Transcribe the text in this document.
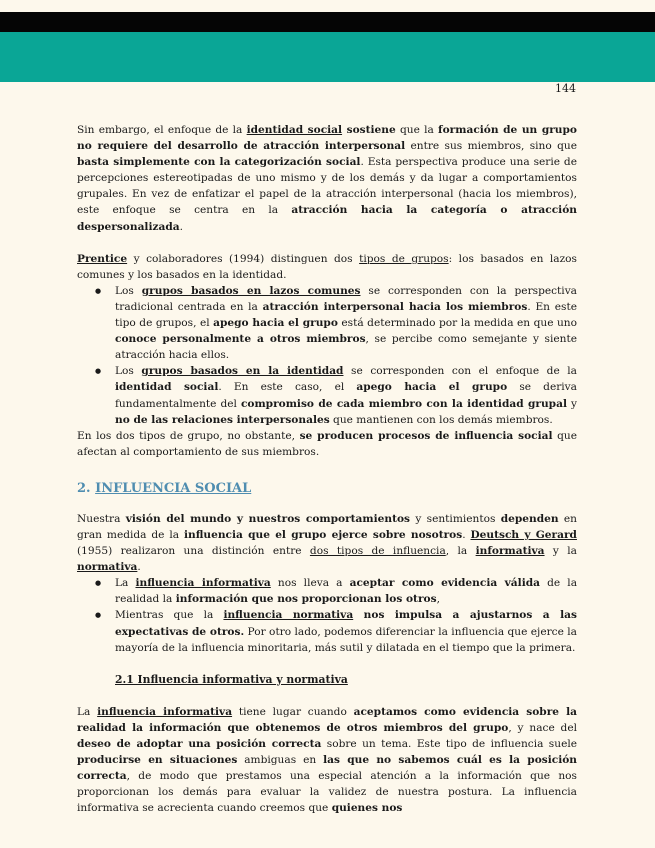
144

Sin embargo, el enfoque de la identidad social sostiene que la formación de un grupo no requiere del desarrollo de atracción interpersonal entre sus miembros, sino que basta simplemente con la categorización social. Esta perspectiva produce una serie de percepciones estereotipadas de uno mismo y de los demás y da lugar a comportamientos grupales. En vez de enfatizar el papel de la atracción interpersonal (hacia los miembros), este enfoque se centra en la atracción hacia la categoría o atracción despersonalizada.

Prentice y colaboradores (1994) distinguen dos tipos de grupos: los basados en lazos comunes y los basados en la identidad.

● Los grupos basados en lazos comunes se corresponden con la perspectiva tradicional centrada en la atracción interpersonal hacia los miembros. En este tipo de grupos, el apego hacia el grupo está determinado por la medida en que uno conoce personalmente a otros miembros, se percibe como semejante y siente atracción hacia ellos.
● Los grupos basados en la identidad se corresponden con el enfoque de la identidad social. En este caso, el apego hacia el grupo se deriva fundamentalmente del compromiso de cada miembro con la identidad grupal y no de las relaciones interpersonales que mantienen con los demás miembros.

En los dos tipos de grupo, no obstante, se producen procesos de influencia social que afectan al comportamiento de sus miembros.

2. INFLUENCIA SOCIAL

Nuestra visión del mundo y nuestros comportamientos y sentimientos dependen en gran medida de la influencia que el grupo ejerce sobre nosotros. Deutsch y Gerard (1955) realizaron una distinción entre dos tipos de influencia, la informativa y la normativa.

● La influencia informativa nos lleva a aceptar como evidencia válida de la realidad la información que nos proporcionan los otros,
● Mientras que la influencia normativa nos impulsa a ajustarnos a las expectativas de otros. Por otro lado, podemos diferenciar la influencia que ejerce la mayoría de la influencia minoritaria, más sutil y dilatada en el tiempo que la primera.
2.1 Influencia informativa y normativa

La influencia informativa tiene lugar cuando aceptamos como evidencia sobre la realidad la información que obtenemos de otros miembros del grupo, y nace del deseo de adoptar una posición correcta sobre un tema. Este tipo de influencia suele producirse en situaciones ambiguas en las que no sabemos cuál es la posición correcta, de modo que prestamos una especial atención a la información que nos proporcionan los demás para evaluar la validez de nuestra postura. La influencia informativa se acrecienta cuando creemos que quienes nos
